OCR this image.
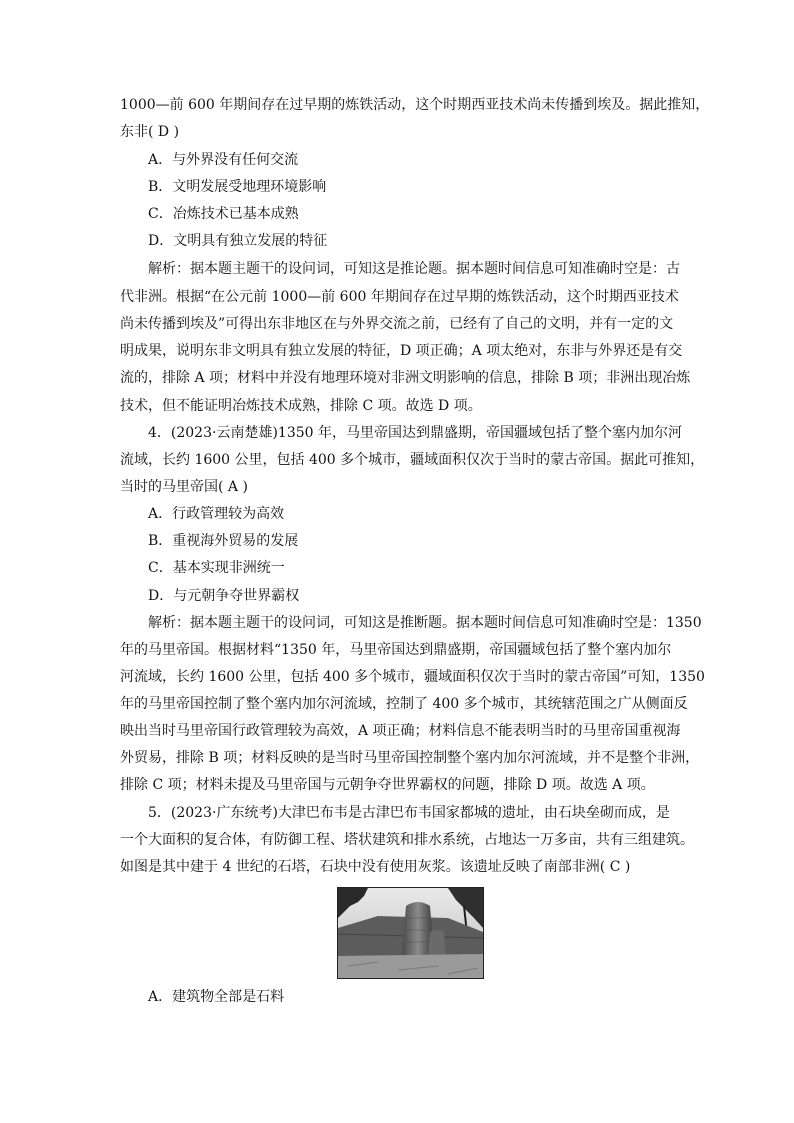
1000—前 600 年期间存在过早期的炼铁活动，这个时期西亚技术尚未传播到埃及。据此推知，
东非( D )
A．与外界没有任何交流
B．文明发展受地理环境影响
C．冶炼技术已基本成熟
D．文明具有独立发展的特征
解析：据本题主题干的设问词，可知这是推论题。据本题时间信息可知准确时空是：古
代非洲。根据“在公元前 1000—前 600 年期间存在过早期的炼铁活动，这个时期西亚技术
尚未传播到埃及”可得出东非地区在与外界交流之前，已经有了自己的文明，并有一定的文
明成果，说明东非文明具有独立发展的特征，D 项正确；A 项太绝对，东非与外界还是有交
流的，排除 A 项；材料中并没有地理环境对非洲文明影响的信息，排除 B 项；非洲出现冶炼
技术，但不能证明冶炼技术成熟，排除 C 项。故选 D 项。
4．(2023·云南楚雄)1350 年，马里帝国达到鼎盛期，帝国疆域包括了整个塞内加尔河
流域，长约 1600 公里，包括 400 多个城市，疆域面积仅次于当时的蒙古帝国。据此可推知，
当时的马里帝国( A )
A．行政管理较为高效
B．重视海外贸易的发展
C．基本实现非洲统一
D．与元朝争夺世界霸权
解析：据本题主题干的设问词，可知这是推断题。据本题时间信息可知准确时空是：1350
年的马里帝国。根据材料“1350 年，马里帝国达到鼎盛期，帝国疆域包括了整个塞内加尔
河流域，长约 1600 公里，包括 400 多个城市，疆域面积仅次于当时的蒙古帝国”可知，1350
年的马里帝国控制了整个塞内加尔河流域，控制了 400 多个城市，其统辖范围之广从侧面反
映出当时马里帝国行政管理较为高效，A 项正确；材料信息不能表明当时的马里帝国重视海
外贸易，排除 B 项；材料反映的是当时马里帝国控制整个塞内加尔河流域，并不是整个非洲，
排除 C 项；材料未提及马里帝国与元朝争夺世界霸权的问题，排除 D 项。故选 A 项。
5．(2023·广东统考)大津巴布韦是古津巴布韦国家都城的遗址，由石块垒砌而成，是
一个大面积的复合体，有防御工程、塔状建筑和排水系统，占地达一万多亩，共有三组建筑。
如图是其中建于 4 世纪的石塔，石块中没有使用灰浆。该遗址反映了南部非洲( C )
A．建筑物全部是石料
